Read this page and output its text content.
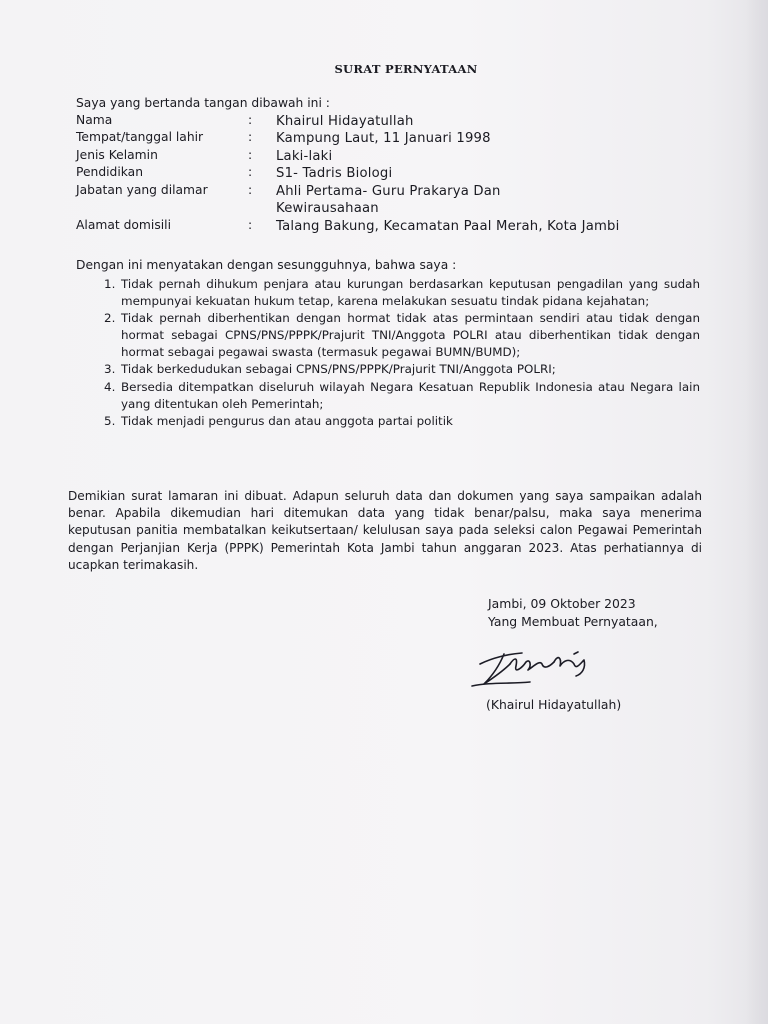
SURAT PERNYATAAN
Saya yang bertanda tangan dibawah ini :
Nama	: Khairul Hidayatullah
Tempat/tanggal lahir	: Kampung Laut, 11 Januari 1998
Jenis Kelamin	: Laki-laki
Pendidikan	: S1- Tadris Biologi
Jabatan yang dilamar	: Ahli Pertama- Guru Prakarya Dan
Kewirausahaan
Alamat domisili	: Talang Bakung, Kecamatan Paal Merah, Kota Jambi
Dengan ini menyatakan dengan sesungguhnya, bahwa saya :
1. Tidak pernah dihukum penjara atau kurungan berdasarkan keputusan pengadilan yang sudah mempunyai kekuatan hukum tetap, karena melakukan sesuatu tindak pidana kejahatan;
2. Tidak pernah diberhentikan dengan hormat tidak atas permintaan sendiri atau tidak dengan hormat sebagai CPNS/PNS/PPPK/Prajurit TNI/Anggota POLRI atau diberhentikan tidak dengan hormat sebagai pegawai swasta (termasuk pegawai BUMN/BUMD);
3. Tidak berkedudukan sebagai CPNS/PNS/PPPK/Prajurit TNI/Anggota POLRI;
4. Bersedia ditempatkan diseluruh wilayah Negara Kesatuan Republik Indonesia atau Negara lain yang ditentukan oleh Pemerintah;
5. Tidak menjadi pengurus dan atau anggota partai politik
Demikian surat lamaran ini dibuat. Adapun seluruh data dan dokumen yang saya sampaikan adalah benar. Apabila dikemudian hari ditemukan data yang tidak benar/palsu, maka saya menerima keputusan panitia membatalkan keikutsertaan/ kelulusan saya pada seleksi calon Pegawai Pemerintah dengan Perjanjian Kerja (PPPK) Pemerintah Kota Jambi tahun anggaran 2023. Atas perhatiannya di ucapkan terimakasih.
Jambi, 09 Oktober 2023
Yang Membuat Pernyataan,
(Khairul Hidayatullah)
